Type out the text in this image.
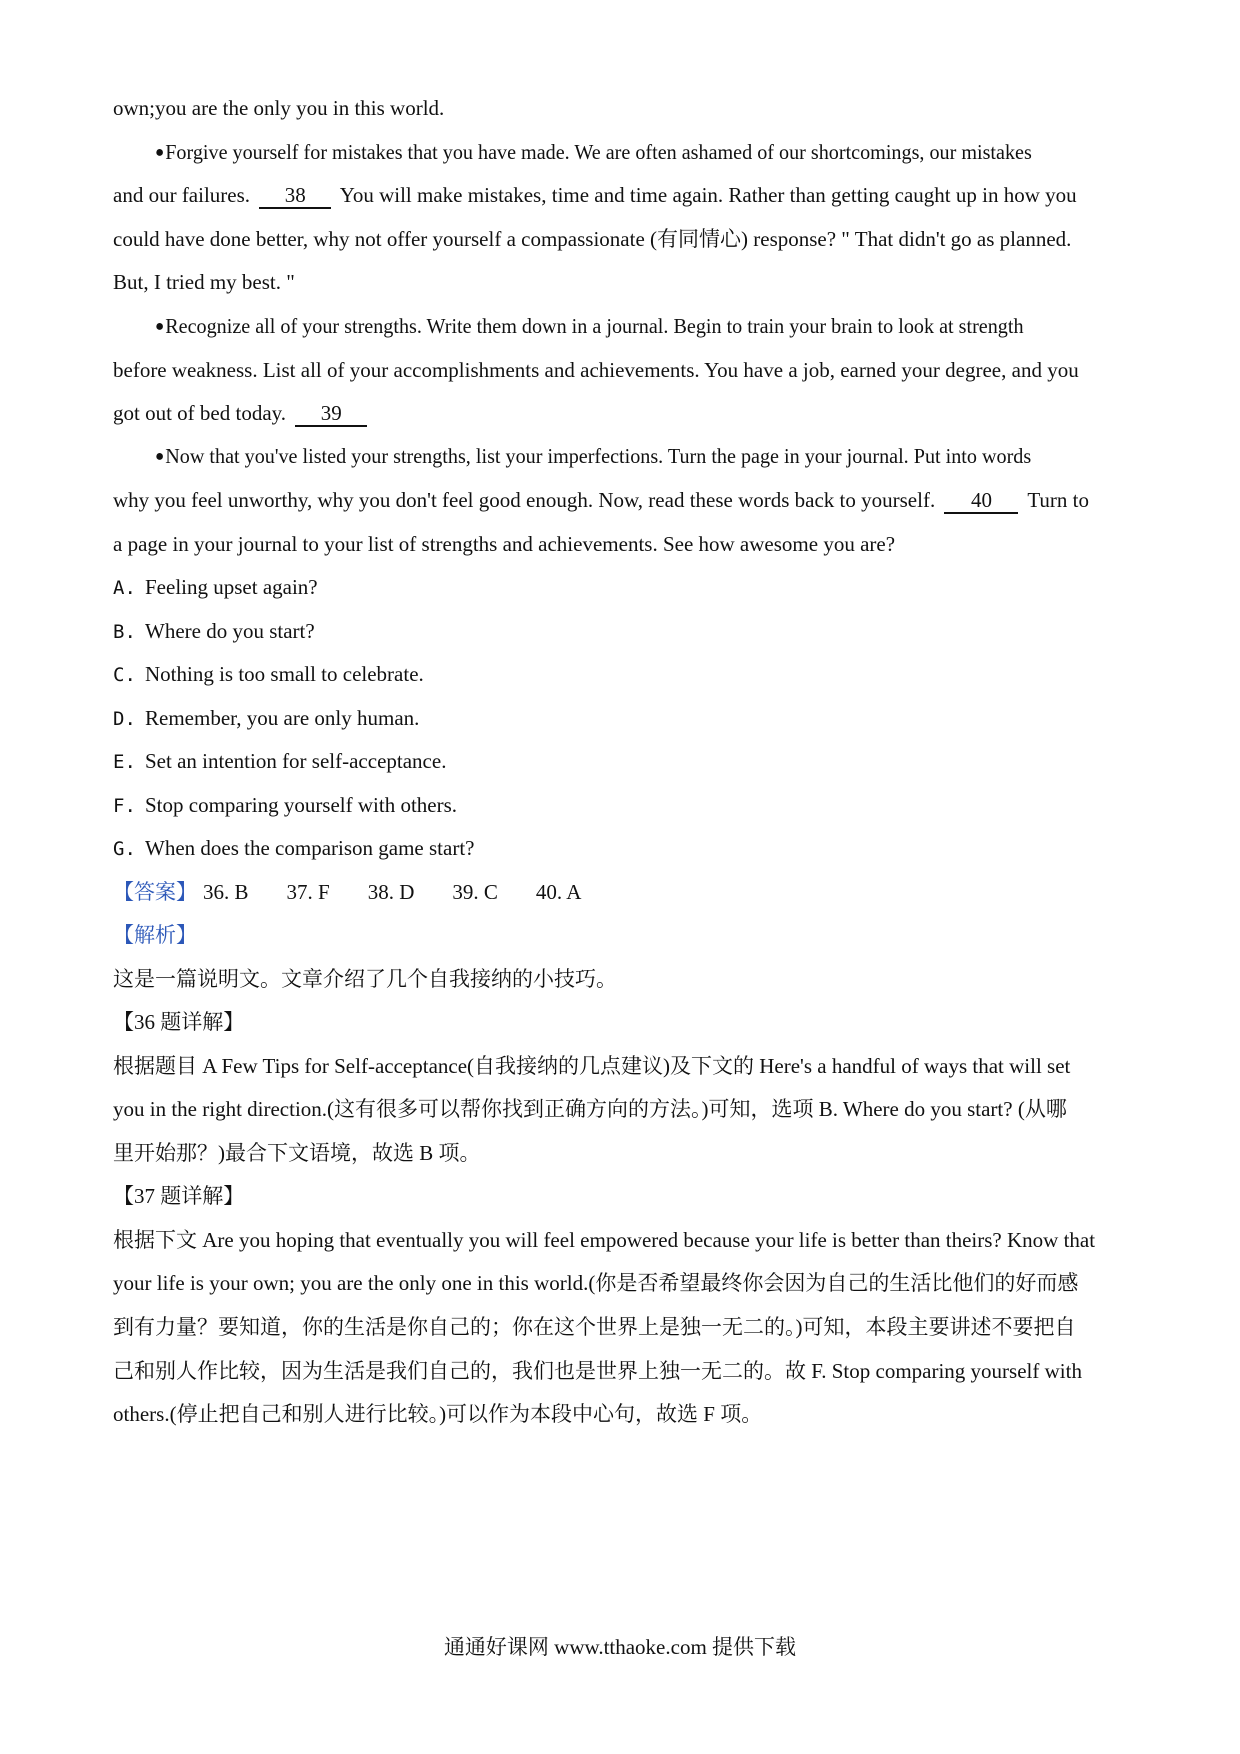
own;you are the only you in this world.
●Forgive yourself for mistakes that you have made. We are often ashamed of our shortcomings, our mistakes
and our failures. 38 You will make mistakes, time and time again. Rather than getting caught up in how you
could have done better, why not offer yourself a compassionate (有同情心) response? " That didn't go as planned.
But, I tried my best. "
●Recognize all of your strengths. Write them down in a journal. Begin to train your brain to look at strength
before weakness. List all of your accomplishments and achievements. You have a job, earned your degree, and you
got out of bed today. 39
●Now that you've listed your strengths, list your imperfections. Turn the page in your journal. Put into words
why you feel unworthy, why you don't feel good enough. Now, read these words back to yourself. 40 Turn to
a page in your journal to your list of strengths and achievements. See how awesome you are?
A. Feeling upset again?
B. Where do you start?
C. Nothing is too small to celebrate.
D. Remember, you are only human.
E. Set an intention for self-acceptance.
F. Stop comparing yourself with others.
G. When does the comparison game start?
【答案】 36. B 37. F 38. D 39. C 40. A
【解析】
这是一篇说明文。文章介绍了几个自我接纳的小技巧。
【36 题详解】
根据题目 A Few Tips for Self-acceptance(自我接纳的几点建议)及下文的 Here's a handful of ways that will set
you in the right direction.(这有很多可以帮你找到正确方向的方法。)可知，选项 B. Where do you start? (从哪
里开始那？)最合下文语境，故选 B 项。
【37 题详解】
根据下文 Are you hoping that eventually you will feel empowered because your life is better than theirs? Know that
your life is your own; you are the only one in this world.(你是否希望最终你会因为自己的生活比他们的好而感
到有力量？要知道，你的生活是你自己的；你在这个世界上是独一无二的。)可知，本段主要讲述不要把自
己和别人作比较，因为生活是我们自己的，我们也是世界上独一无二的。故 F. Stop comparing yourself with
others.(停止把自己和别人进行比较。)可以作为本段中心句，故选 F 项。
通通好课网 www.tthaoke.com 提供下载
